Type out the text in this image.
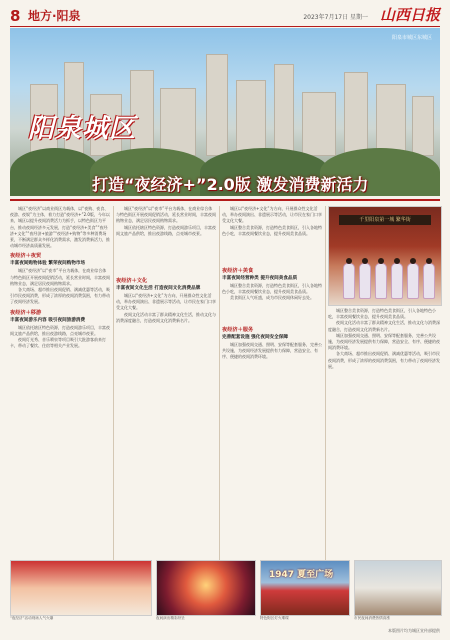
8 地方·阳泉	2023年7月17日 星期一 山西日报
阳泉市城区东城区
阳泉城区
打造“夜经济+”2.0版 激发消费新活力

城区“夜经济”以商业街区为载体，以“夜购、夜食、夜游、夜娱”为主体，着力打造“夜经济+”2.0版，今年以来，城区以提升夜间消费活力为抓手，以特色街区为平台，推动夜间经济多元发展，打造“夜经济+美食”“夜经济+文化”“夜经济+旅游”“夜经济+购物”等多种消费场景，不断满足群众多样化消费需求，激发消费新活力，推动城市经济高质量发展。

夜经济＋夜贸
丰富夜间购物体验 繁荣夜间购物市场

城区“夜经济”以“夜市”平台为载体，在商业综合体与特色街区开展夜间促销活动，延长营业时间，丰富夜间购物业态，满足居民夜间购物需求。

各大商场、超市推出夜间促销、满减优惠等活动，吸引市民夜间消费，形成了浓厚的夜间消费氛围，有力带动了夜间经济发展。

夜经济＋移游
丰富夜间游乐内容 吸引夜间旅游消费

城区依托辖区特色资源，打造夜间游乐项目，丰富夜间文旅产品供给，推出夜游线路，点亮城市夜景。

夜间灯光秀、音乐喷泉等项目吸引大批游客前来打卡，带动了餐饮、住宿等相关产业发展。

城区“夜经济”以“夜市”平台为载体，在商业综合体与特色街区开展夜间促销活动，延长营业时间，丰富夜间购物业态，满足居民夜间购物需求。

城区依托辖区特色资源，打造夜间游乐项目，丰富夜间文旅产品供给，推出夜游线路，点亮城市夜景。

夜经济＋文化
丰富夜间文化生活 打造夜间文化消费品牌

城区以“夜经济+文化”为方向，开展群众性文化活动，举办夜间演出、非遗展示等活动，让市民在家门口享受文化大餐。

夜间文化活动丰富了群众精神文化生活，推动文化与消费深度融合，打造夜间文化消费新名片。

城区以“夜经济+文化”为方向，开展群众性文化活动，举办夜间演出、非遗展示等活动，让市民在家门口享受文化大餐。

城区整合美食资源，打造特色美食街区，引入各地特色小吃，丰富夜间餐饮业态，提升夜间美食品质。

夜经济＋美食
丰富夜间经营种类 提升夜间美食品质

城区整合美食资源，打造特色美食街区，引入各地特色小吃，丰富夜间餐饮业态，提升夜间美食品质。

美食街区人气旺盛，成为市民夜间休闲好去处。

夜经济＋服务
完善配套设施 强化夜间安全保障

城区加强夜间交通、照明、安保等配套服务，完善公共设施，为夜间经济发展提供有力保障，营造安全、有序、便捷的夜间消费环境。

千里阳泉第一城 繁华街

城区整合美食资源，打造特色美食街区，引入各地特色小吃，丰富夜间餐饮业态，提升夜间美食品质。

夜间文化活动丰富了群众精神文化生活，推动文化与消费深度融合，打造夜间文化消费新名片。

城区加强夜间交通、照明、安保等配套服务，完善公共设施，为夜间经济发展提供有力保障，营造安全、有序、便捷的夜间消费环境。

各大商场、超市推出夜间促销、满减优惠等活动，吸引市民夜间消费，形成了浓厚的夜间消费氛围，有力带动了夜间经济发展。

1947 夏至广场
“夜经济”活动现场人气火爆	夜间演出精彩纷呈	特色街区灯火璀璨	市民夜间消费热情高涨
本版图片均为城区宣传部提供
